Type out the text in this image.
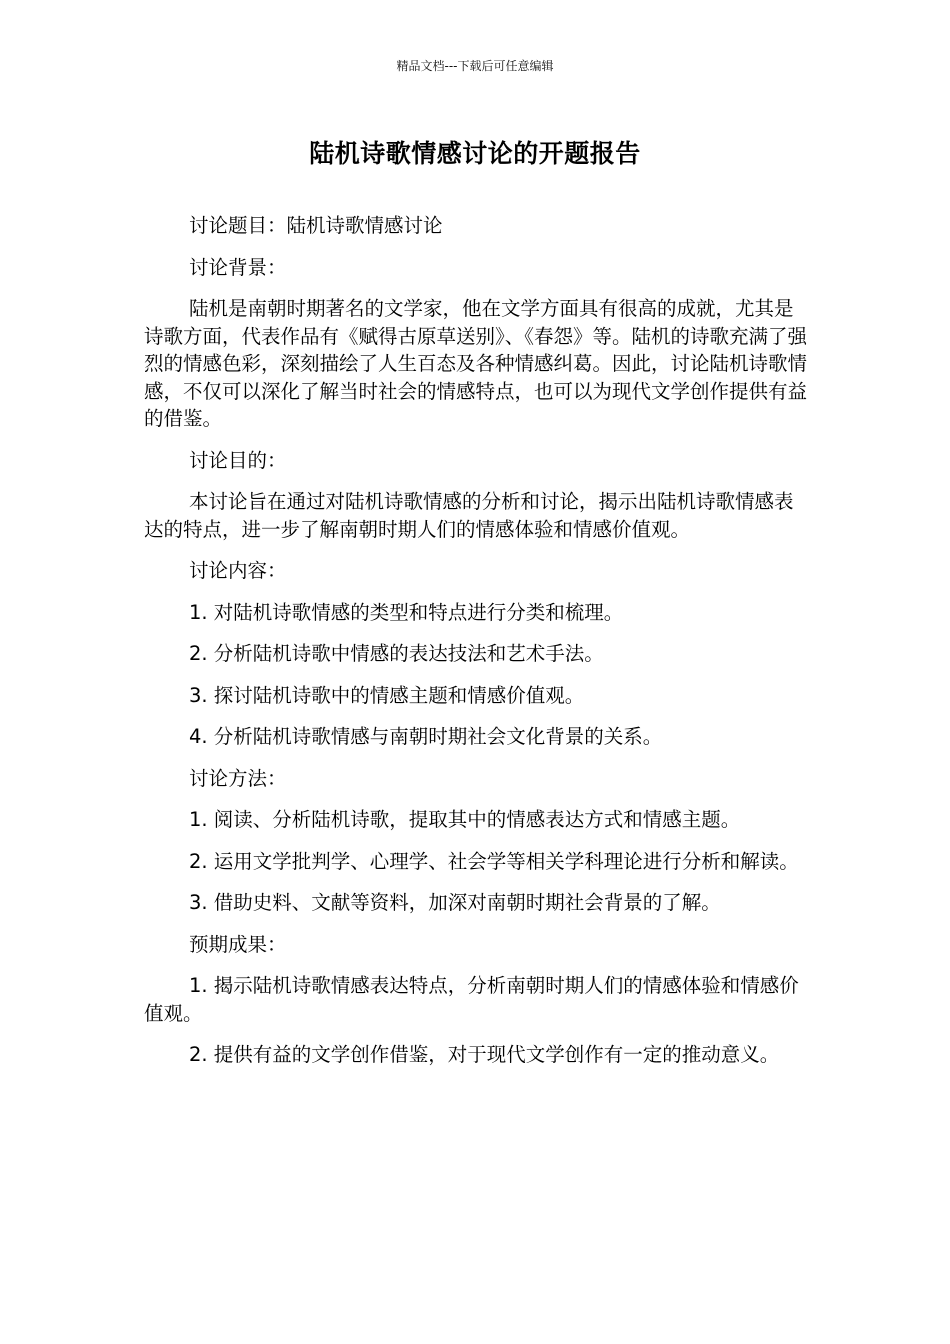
精品文档---下载后可任意编辑
陆机诗歌情感讨论的开题报告

讨论题目：陆机诗歌情感讨论

讨论背景：

陆机是南朝时期著名的文学家，他在文学方面具有很高的成就，尤其是诗歌方面，代表作品有《赋得古原草送别》、《春怨》等。陆机的诗歌充满了强烈的情感色彩，深刻描绘了人生百态及各种情感纠葛。因此，讨论陆机诗歌情感，不仅可以深化了解当时社会的情感特点，也可以为现代文学创作提供有益的借鉴。

讨论目的：

本讨论旨在通过对陆机诗歌情感的分析和讨论，揭示出陆机诗歌情感表达的特点，进一步了解南朝时期人们的情感体验和情感价值观。

讨论内容：

1. 对陆机诗歌情感的类型和特点进行分类和梳理。

2. 分析陆机诗歌中情感的表达技法和艺术手法。

3. 探讨陆机诗歌中的情感主题和情感价值观。

4. 分析陆机诗歌情感与南朝时期社会文化背景的关系。

讨论方法：

1. 阅读、分析陆机诗歌，提取其中的情感表达方式和情感主题。

2. 运用文学批判学、心理学、社会学等相关学科理论进行分析和解读。

3. 借助史料、文献等资料，加深对南朝时期社会背景的了解。

预期成果：

1. 揭示陆机诗歌情感表达特点，分析南朝时期人们的情感体验和情感价值观。

2. 提供有益的文学创作借鉴，对于现代文学创作有一定的推动意义。
